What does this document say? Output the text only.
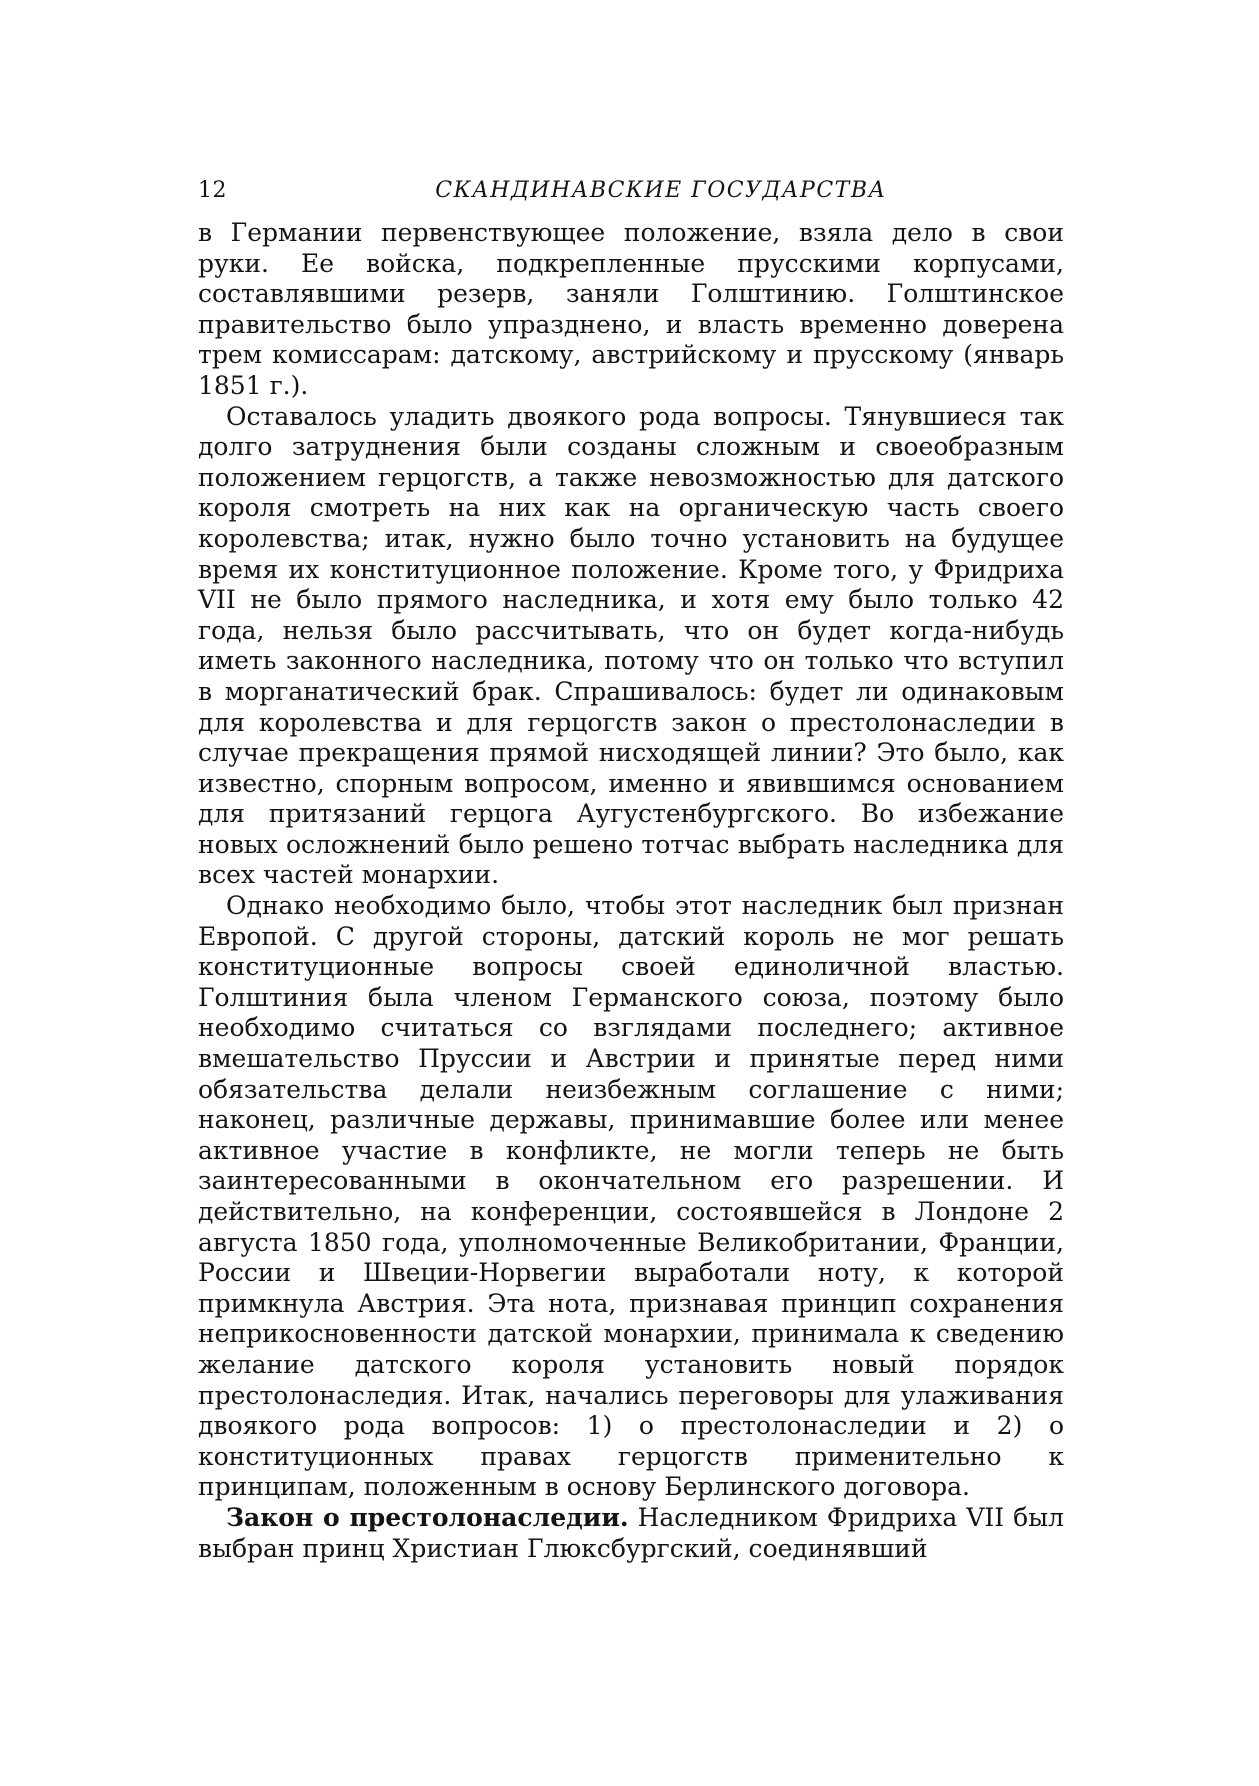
12	СКАНДИНАВСКИЕ ГОСУДАРСТВА

в Германии первенствующее положение, взяла дело в свои руки. Ее войска, подкрепленные прусскими корпусами, составлявшими резерв, заняли Голштинию. Голштинское правительство было упразднено, и власть временно доверена трем комиссарам: датскому, австрийскому и прусскому (январь 1851 г.).

Оставалось уладить двоякого рода вопросы. Тянувшиеся так долго затруднения были созданы сложным и своеобразным положением герцогств, а также невозможностью для датского короля смотреть на них как на органическую часть своего королевства; итак, нужно было точно установить на будущее время их конституционное положение. Кроме того, у Фридриха VII не было прямого наследника, и хотя ему было только 42 года, нельзя было рассчитывать, что он будет когда-нибудь иметь законного наследника, потому что он только что вступил в морганатический брак. Спрашивалось: будет ли одинаковым для королевства и для герцогств закон о престолонаследии в случае прекращения прямой нисходящей линии? Это было, как известно, спорным вопросом, именно и явившимся основанием для притязаний герцога Аугустенбургского. Во избежание новых осложнений было решено тотчас выбрать наследника для всех частей монархии.

Однако необходимо было, чтобы этот наследник был признан Европой. С другой стороны, датский король не мог решать конституционные вопросы своей единоличной властью. Голштиния была членом Германского союза, поэтому было необходимо считаться со взглядами последнего; активное вмешательство Пруссии и Австрии и принятые перед ними обязательства делали неизбежным соглашение с ними; наконец, различные державы, принимавшие более или менее активное участие в конфликте, не могли теперь не быть заинтересованными в окончательном его разрешении. И действительно, на конференции, состоявшейся в Лондоне 2 августа 1850 года, уполномоченные Великобритании, Франции, России и Швеции-Норвегии выработали ноту, к которой примкнула Австрия. Эта нота, признавая принцип сохранения неприкосновенности датской монархии, принимала к сведению желание датского короля установить новый порядок престолонаследия. Итак, начались переговоры для улаживания двоякого рода вопросов: 1) о престолонаследии и 2) о конституционных правах герцогств применительно к принципам, положенным в основу Берлинского договора.

Закон о престолонаследии. Наследником Фридриха VII был выбран принц Христиан Глюксбургский, соединявший
